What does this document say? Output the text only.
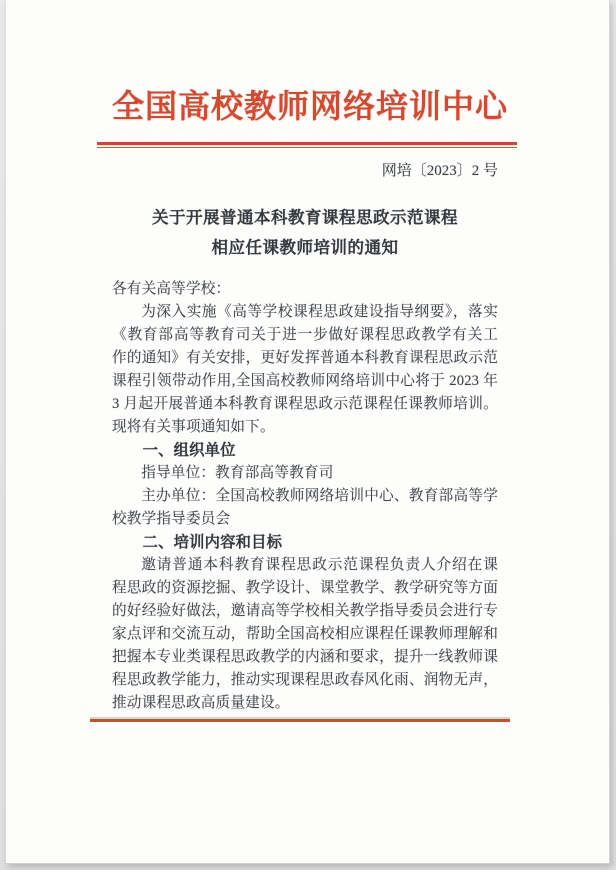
全国高校教师网络培训中心
网培〔2023〕2 号
关于开展普通本科教育课程思政示范课程
相应任课教师培训的通知
各有关高等学校：
为深入实施《高等学校课程思政建设指导纲要》，落实
《教育部高等教育司关于进一步做好课程思政教学有关工
作的通知》有关安排，更好发挥普通本科教育课程思政示范
课程引领带动作用,全国高校教师网络培训中心将于 2023 年
3 月起开展普通本科教育课程思政示范课程任课教师培训。
现将有关事项通知如下。
一、组织单位
指导单位：教育部高等教育司
主办单位：全国高校教师网络培训中心、教育部高等学
校教学指导委员会
二、培训内容和目标
邀请普通本科教育课程思政示范课程负责人介绍在课
程思政的资源挖掘、教学设计、课堂教学、教学研究等方面
的好经验好做法，邀请高等学校相关教学指导委员会进行专
家点评和交流互动，帮助全国高校相应课程任课教师理解和
把握本专业类课程思政教学的内涵和要求，提升一线教师课
程思政教学能力，推动实现课程思政春风化雨、润物无声，
推动课程思政高质量建设。
